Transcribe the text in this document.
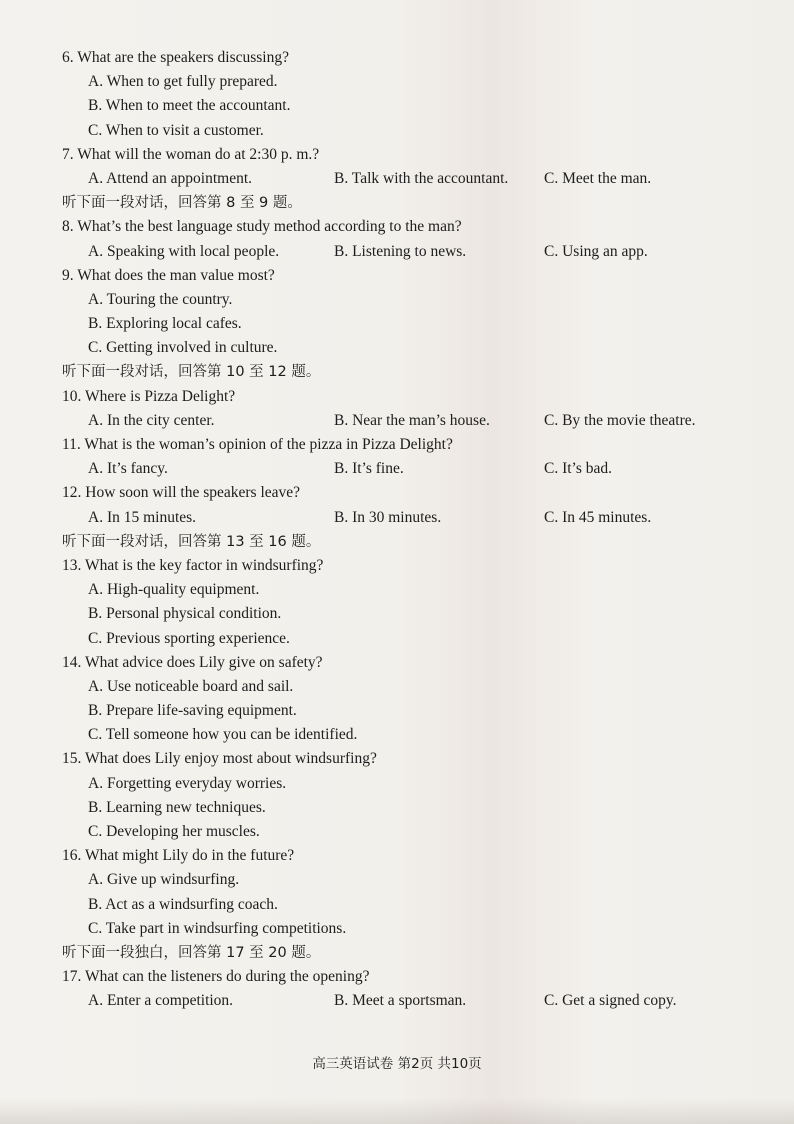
6. What are the speakers discussing?
A. When to get fully prepared.
B. When to meet the accountant.
C. When to visit a customer.
7. What will the woman do at 2:30 p. m.?
A. Attend an appointment.	B. Talk with the accountant.	C. Meet the man.
听下面一段对话，回答第 8 至 9 题。
8. What’s the best language study method according to the man?
A. Speaking with local people.	B. Listening to news.	C. Using an app.
9. What does the man value most?
A. Touring the country.
B. Exploring local cafes.
C. Getting involved in culture.
听下面一段对话，回答第 10 至 12 题。
10. Where is Pizza Delight?
A. In the city center.	B. Near the man’s house.	C. By the movie theatre.
11. What is the woman’s opinion of the pizza in Pizza Delight?
A. It’s fancy.	B. It’s fine.	C. It’s bad.
12. How soon will the speakers leave?
A. In 15 minutes.	B. In 30 minutes.	C. In 45 minutes.
听下面一段对话，回答第 13 至 16 题。
13. What is the key factor in windsurfing?
A. High-quality equipment.
B. Personal physical condition.
C. Previous sporting experience.
14. What advice does Lily give on safety?
A. Use noticeable board and sail.
B. Prepare life-saving equipment.
C. Tell someone how you can be identified.
15. What does Lily enjoy most about windsurfing?
A. Forgetting everyday worries.
B. Learning new techniques.
C. Developing her muscles.
16. What might Lily do in the future?
A. Give up windsurfing.
B. Act as a windsurfing coach.
C. Take part in windsurfing competitions.
听下面一段独白，回答第 17 至 20 题。
17. What can the listeners do during the opening?
A. Enter a competition.	B. Meet a sportsman.	C. Get a signed copy.
高三英语试卷 第2页 共10页
